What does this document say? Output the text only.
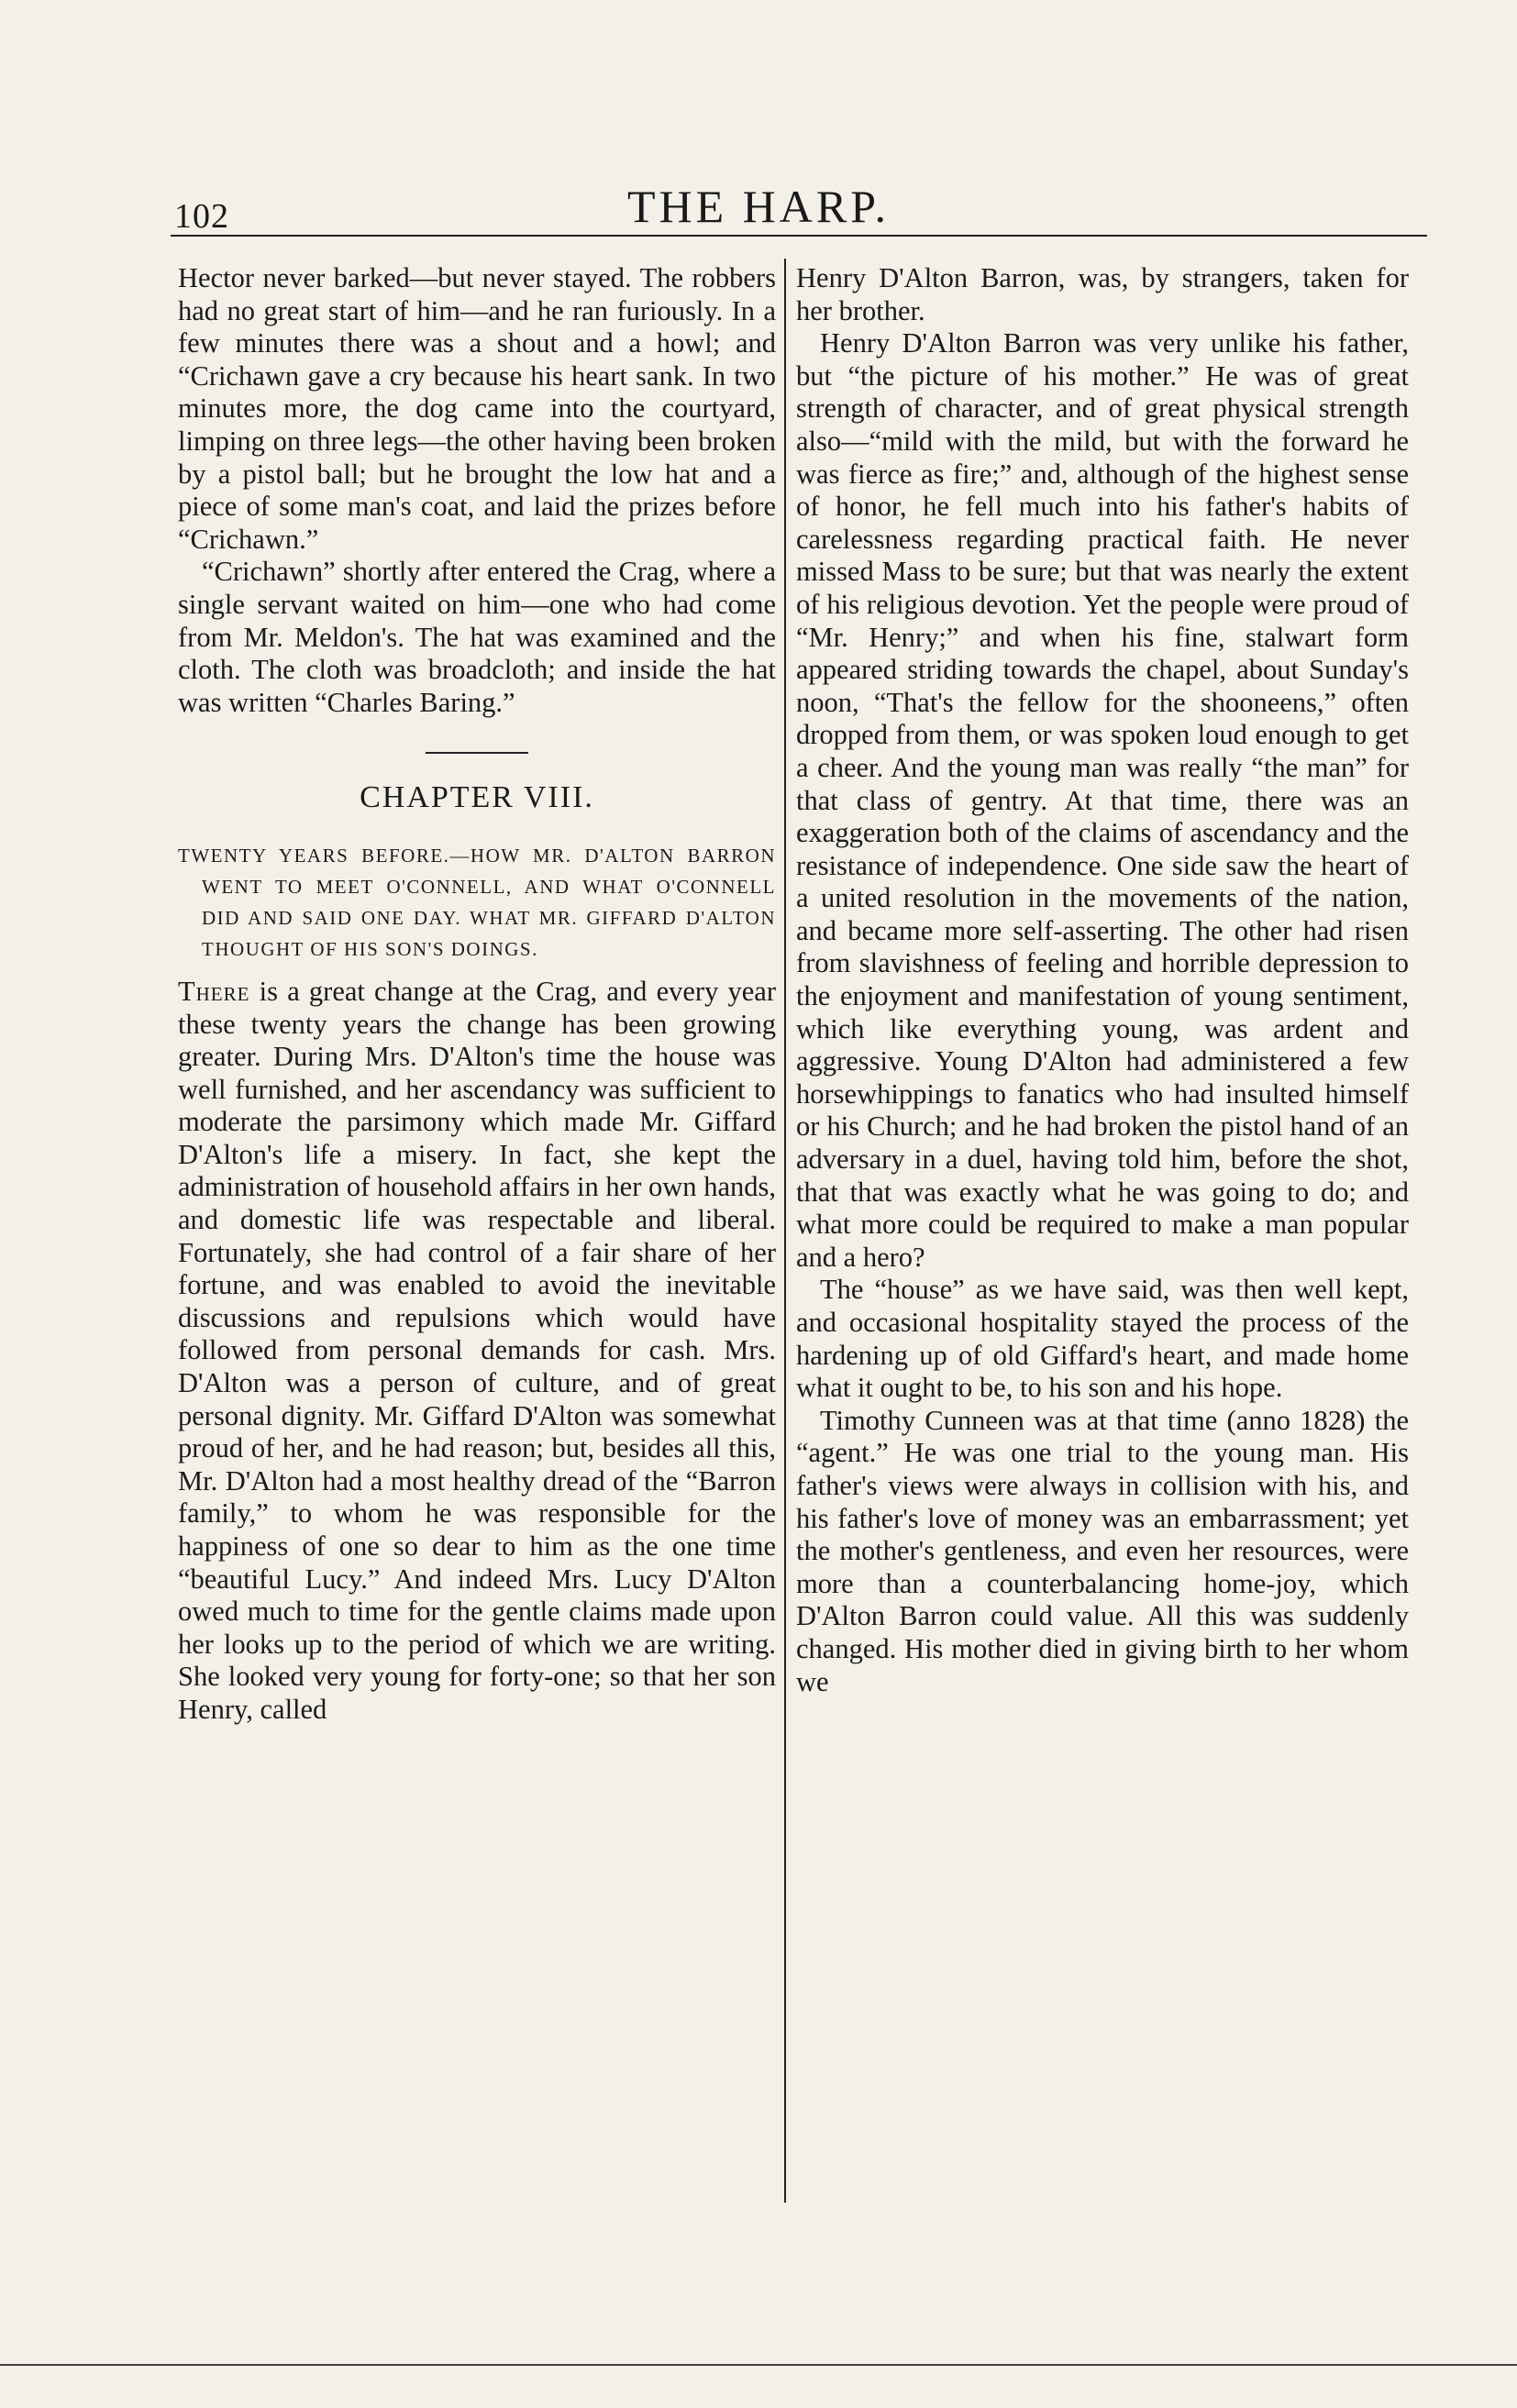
102	THE HARP.

Hector never barked—but never stayed. The robbers had no great start of him—and he ran furiously. In a few minutes there was a shout and a howl; and “Crichawn gave a cry because his heart sank. In two minutes more, the dog came into the courtyard, limping on three legs—the other having been broken by a pistol ball; but he brought the low hat and a piece of some man's coat, and laid the prizes before “Crichawn.”

“Crichawn” shortly after entered the Crag, where a single servant waited on him—one who had come from Mr. Meldon's. The hat was examined and the cloth. The cloth was broadcloth; and inside the hat was written “Charles Baring.”

CHAPTER VIII.
TWENTY YEARS BEFORE.—HOW MR. D'ALTON BARRON WENT TO MEET O'CONNELL, AND WHAT O'CONNELL DID AND SAID ONE DAY. WHAT MR. GIFFARD D'ALTON THOUGHT OF HIS SON'S DOINGS.

There is a great change at the Crag, and every year these twenty years the change has been growing greater. During Mrs. D'Alton's time the house was well furnished, and her ascendancy was sufficient to moderate the parsimony which made Mr. Giffard D'Alton's life a misery. In fact, she kept the administration of household affairs in her own hands, and domestic life was respectable and liberal. Fortunately, she had control of a fair share of her fortune, and was enabled to avoid the inevitable discussions and repulsions which would have followed from personal demands for cash. Mrs. D'Alton was a person of culture, and of great personal dignity. Mr. Giffard D'Alton was somewhat proud of her, and he had reason; but, besides all this, Mr. D'Alton had a most healthy dread of the “Barron family,” to whom he was responsible for the happiness of one so dear to him as the one time “beautiful Lucy.” And indeed Mrs. Lucy D'Alton owed much to time for the gentle claims made upon her looks up to the period of which we are writing. She looked very young for forty-one; so that her son Henry, called

Henry D'Alton Barron, was, by strangers, taken for her brother.

Henry D'Alton Barron was very unlike his father, but “the picture of his mother.” He was of great strength of character, and of great physical strength also—“mild with the mild, but with the forward he was fierce as fire;” and, although of the highest sense of honor, he fell much into his father's habits of carelessness regarding practical faith. He never missed Mass to be sure; but that was nearly the extent of his religious devotion. Yet the people were proud of “Mr. Henry;” and when his fine, stalwart form appeared striding towards the chapel, about Sunday's noon, “That's the fellow for the shooneens,” often dropped from them, or was spoken loud enough to get a cheer. And the young man was really “the man” for that class of gentry. At that time, there was an exaggeration both of the claims of ascendancy and the resistance of independence. One side saw the heart of a united resolution in the movements of the nation, and became more self-asserting. The other had risen from slavishness of feeling and horrible depression to the enjoyment and manifestation of young sentiment, which like everything young, was ardent and aggressive. Young D'Alton had administered a few horsewhippings to fanatics who had insulted himself or his Church; and he had broken the pistol hand of an adversary in a duel, having told him, before the shot, that that was exactly what he was going to do; and what more could be required to make a man popular and a hero?

The “house” as we have said, was then well kept, and occasional hospitality stayed the process of the hardening up of old Giffard's heart, and made home what it ought to be, to his son and his hope.

Timothy Cunneen was at that time (anno 1828) the “agent.” He was one trial to the young man. His father's views were always in collision with his, and his father's love of money was an embarrassment; yet the mother's gentleness, and even her resources, were more than a counterbalancing home-joy, which D'Alton Barron could value. All this was suddenly changed. His mother died in giving birth to her whom we
